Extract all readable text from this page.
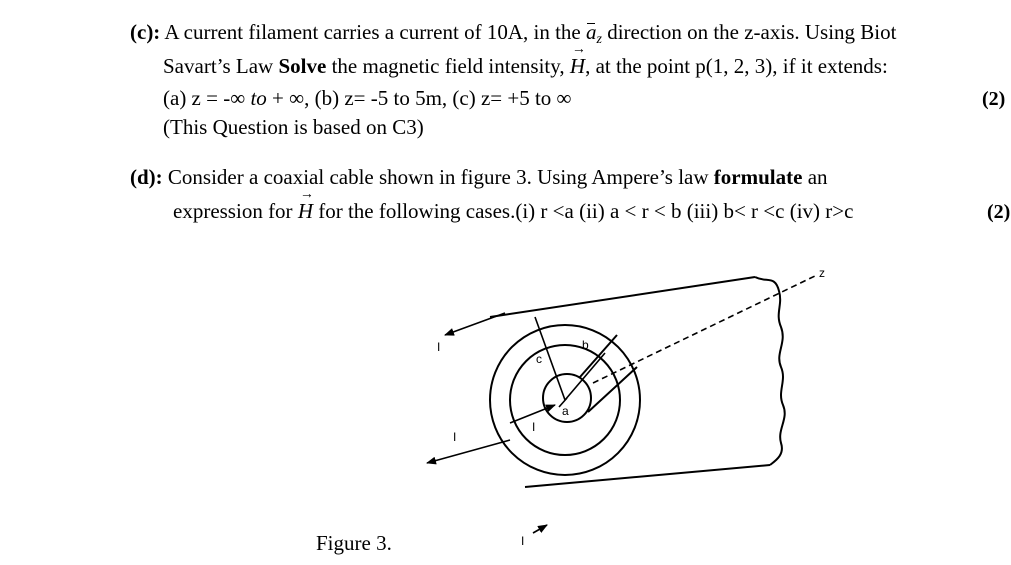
(c): A current filament carries a current of 10A, in the $a_z$ direction on the z-axis. Using Biot
Savart’s Law Solve the magnetic field intensity, → H, at the point p(1, 2, 3), if it extends:
(a) z = -∞ to + ∞, (b) z= -5 to 5m, (c) z= +5 to ∞	(2)
(This Question is based on C3)
(d): Consider a coaxial cable shown in figure 3. Using Ampere’s law formulate an
expression for → H for the following cases.(i) r <a (ii) a < r < b (iii) b< r <c (iv) r>c	(2)
a
b
c
z
I
I
I
I
Figure 3.
